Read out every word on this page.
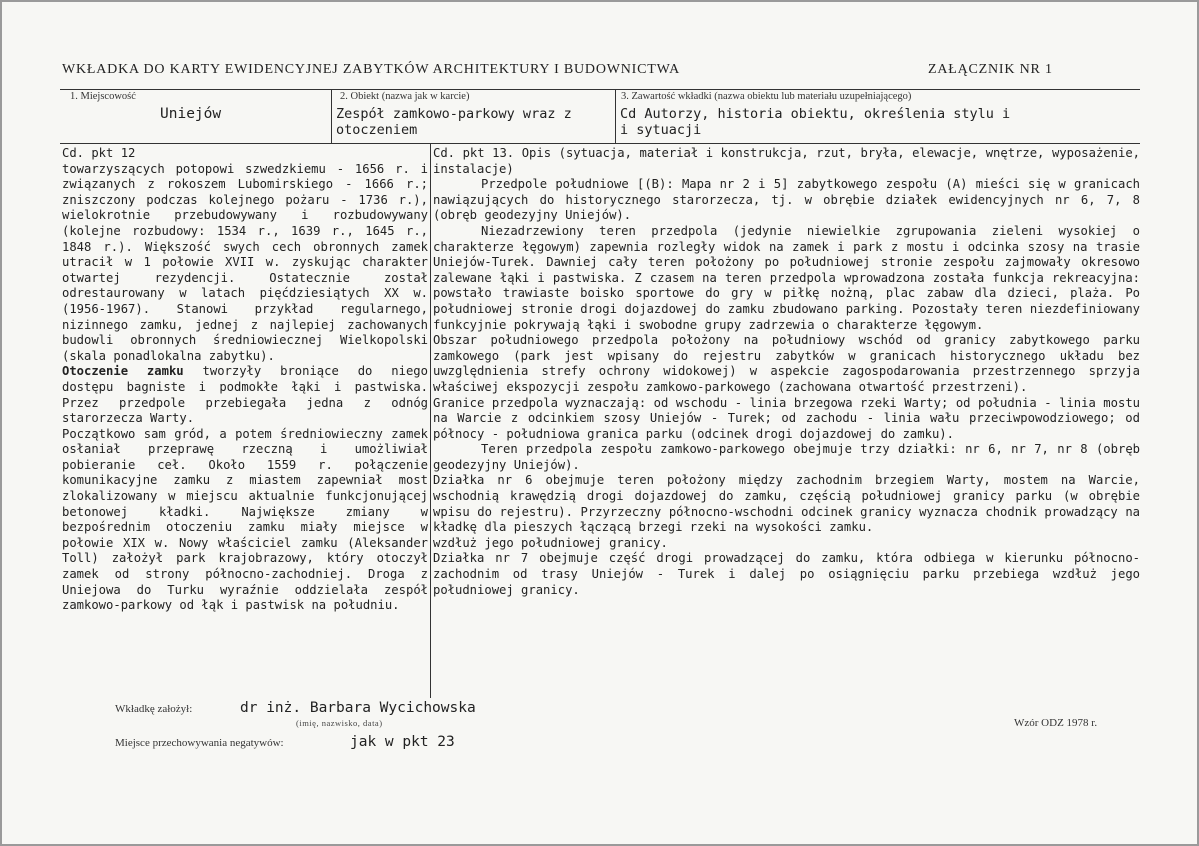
WKŁADKA DO KARTY EWIDENCYJNEJ ZABYTKÓW ARCHITEKTURY I BUDOWNICTWA	ZAŁĄCZNIK NR 1
1. Miejscowość
Uniejów
2. Obiekt (nazwa jak w karcie)
Zespół zamkowo-parkowy wraz z
otoczeniem
3. Zawartość wkładki (nazwa obiektu lub materiału uzupełniającego)
Cd Autorzy, historia obiektu, określenia stylu i
i sytuacji

Cd. pkt 12

towarzyszących potopowi szwedzkiemu - 1656 r. i związanych z rokoszem Lubomirskiego - 1666 r.; zniszczony podczas kolejnego pożaru - 1736 r.), wielokrotnie przebudowywany i rozbudowywany (kolejne rozbudowy: 1534 r., 1639 r., 1645 r., 1848 r.). Większość swych cech obronnych zamek utracił w 1 połowie XVII w. zyskując charakter otwartej rezydencji. Ostatecznie został odrestaurowany w latach pięćdziesiątych XX w. (1956-1967). Stanowi przykład regularnego, nizinnego zamku, jednej z najlepiej zachowanych budowli obronnych średniowiecznej Wielkopolski (skala ponadlokalna zabytku).

Otoczenie zamku tworzyły broniące do niego dostępu bagniste i podmokłe łąki i pastwiska. Przez przedpole przebiegała jedna z odnóg starorzecza Warty.

Początkowo sam gród, a potem średniowieczny zamek osłaniał przeprawę rzeczną i umożliwiał pobieranie ceł. Około 1559 r. połączenie komunikacyjne zamku z miastem zapewniał most zlokalizowany w miejscu aktualnie funkcjonującej betonowej kładki. Największe zmiany w bezpośrednim otoczeniu zamku miały miejsce w połowie XIX w. Nowy właściciel zamku (Aleksander Toll) założył park krajobrazowy, który otoczył zamek od strony północno-zachodniej. Droga z Uniejowa do Turku wyraźnie oddzielała zespół zamkowo-parkowy od łąk i pastwisk na południu.

Cd. pkt 13. Opis (sytuacja, materiał i konstrukcja, rzut, bryła, elewacje, wnętrze, wyposażenie, instalacje)

Przedpole południowe [(B): Mapa nr 2 i 5] zabytkowego zespołu (A) mieści się w granicach nawiązujących do historycznego starorzecza, tj. w obrębie działek ewidencyjnych nr 6, 7, 8 (obręb geodezyjny Uniejów).

Niezadrzewiony teren przedpola (jedynie niewielkie zgrupowania zieleni wysokiej o charakterze łęgowym) zapewnia rozległy widok na zamek i park z mostu i odcinka szosy na trasie Uniejów-Turek. Dawniej cały teren położony po południowej stronie zespołu zajmowały okresowo zalewane łąki i pastwiska. Z czasem na teren przedpola wprowadzona została funkcja rekreacyjna: powstało trawiaste boisko sportowe do gry w piłkę nożną, plac zabaw dla dzieci, plaża. Po południowej stronie drogi dojazdowej do zamku zbudowano parking. Pozostały teren niezdefiniowany funkcyjnie pokrywają łąki i swobodne grupy zadrzewia o charakterze łęgowym.

Obszar południowego przedpola położony na południowy wschód od granicy zabytkowego parku zamkowego (park jest wpisany do rejestru zabytków w granicach historycznego układu bez uwzględnienia strefy ochrony widokowej) w aspekcie zagospodarowania przestrzennego sprzyja właściwej ekspozycji zespołu zamkowo-parkowego (zachowana otwartość przestrzeni).

Granice przedpola wyznaczają: od wschodu - linia brzegowa rzeki Warty; od południa - linia mostu na Warcie z odcinkiem szosy Uniejów - Turek; od zachodu - linia wału przeciwpowodziowego; od północy - południowa granica parku (odcinek drogi dojazdowej do zamku).

Teren przedpola zespołu zamkowo-parkowego obejmuje trzy działki: nr 6, nr 7, nr 8 (obręb geodezyjny Uniejów).

Działka nr 6 obejmuje teren położony między zachodnim brzegiem Warty, mostem na Warcie, wschodnią krawędzią drogi dojazdowej do zamku, częścią południowej granicy parku (w obrębie wpisu do rejestru). Przyrzeczny północno-wschodni odcinek granicy wyznacza chodnik prowadzący na kładkę dla pieszych łączącą brzegi rzeki na wysokości zamku.

wzdłuż jego południowej granicy.

Działka nr 7 obejmuje część drogi prowadzącej do zamku, która odbiega w kierunku północno-zachodnim od trasy Uniejów - Turek i dalej po osiągnięciu parku przebiega wzdłuż jego południowej granicy.

Wkładkę założył:	dr inż. Barbara Wycichowska
(imię, nazwisko, data)
Miejsce przechowywania negatywów:	jak w pkt 23
Wzór ODZ 1978 r.
